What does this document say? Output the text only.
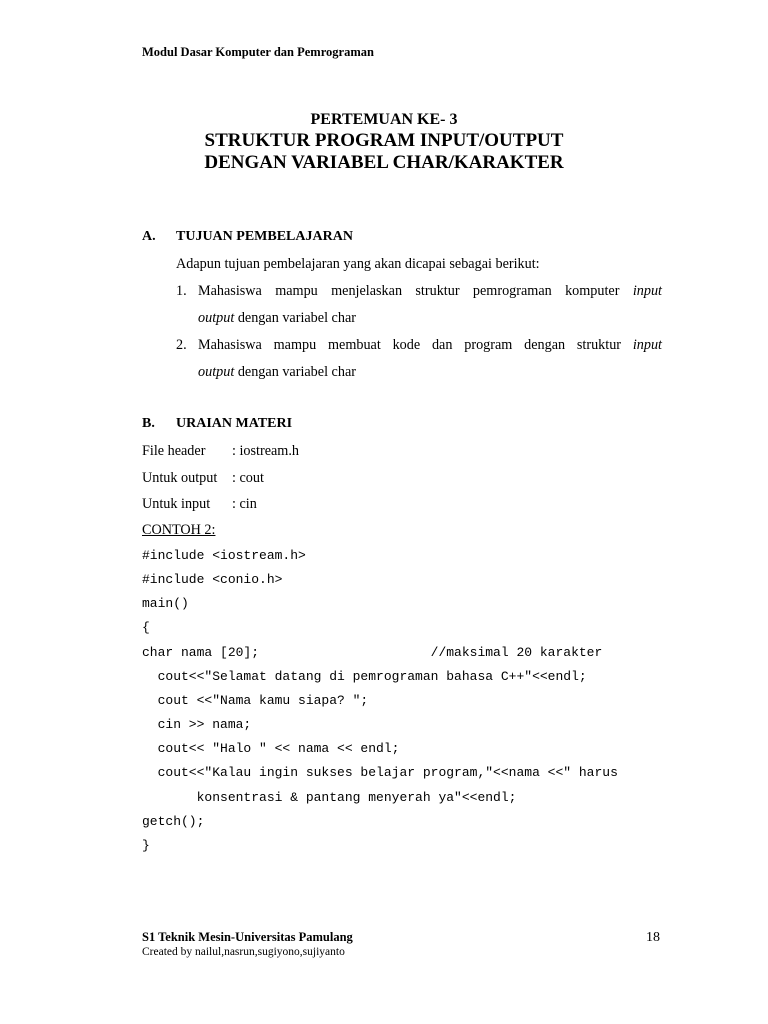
Modul Dasar Komputer dan Pemrograman
PERTEMUAN KE- 3
STRUKTUR PROGRAM INPUT/OUTPUT
DENGAN VARIABEL CHAR/KARAKTER
A. TUJUAN PEMBELAJARAN
Adapun tujuan pembelajaran yang akan dicapai sebagai berikut:
1. Mahasiswa mampu menjelaskan struktur pemrograman komputer input
output dengan variabel char
2. Mahasiswa mampu membuat kode dan program dengan struktur input
output dengan variabel char
B. URAIAN MATERI
File header : iostream.h
Untuk output : cout
Untuk input : cin
CONTOH 2:
#include <iostream.h>
#include <conio.h>
main()
{
char nama [20];                      //maksimal 20 karakter
cout<<"Selamat datang di pemrograman bahasa C++"<<endl;
cout <<"Nama kamu siapa? ";
cin >> nama;
cout<< "Halo " << nama << endl;
cout<<"Kalau ingin sukses belajar program,"<<nama <<" harus
konsentrasi & pantang menyerah ya"<<endl;
getch();
}
S1 Teknik Mesin-Universitas Pamulang
Created by nailul,nasrun,sugiyono,sujiyanto
18
